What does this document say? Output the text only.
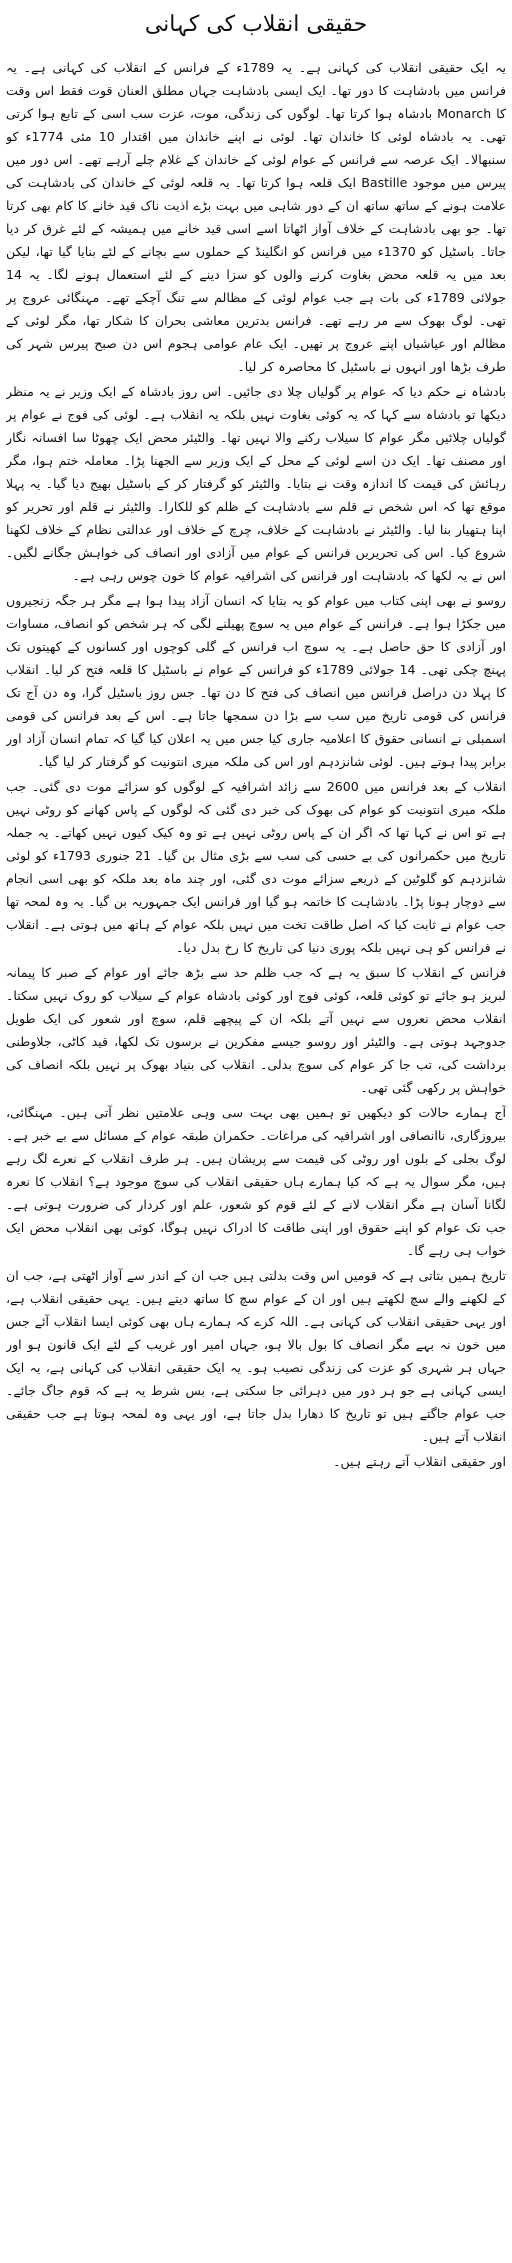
حقیقی انقلاب کی کہانی

یہ ایک حقیقی انقلاب کی کہانی ہے۔ یہ 1789ء کے فرانس کے انقلاب کی کہانی ہے۔ یہ فرانس میں بادشاہت کا دور تھا۔ ایک ایسی بادشاہت جہاں مطلق العنان قوت فقط اس وقت کا Monarch بادشاہ ہوا کرتا تھا۔ لوگوں کی زندگی، موت، عزت سب اسی کے تابع ہوا کرتی تھی۔ یہ بادشاہ لوئی کا خاندان تھا۔ لوئی نے اپنے خاندان میں اقتدار 10 مئی 1774ء کو سنبھالا۔ ایک عرصہ سے فرانس کے عوام لوئی کے خاندان کے غلام چلے آرہے تھے۔ اس دور میں پیرس میں موجود Bastille ایک قلعہ ہوا کرتا تھا۔ یہ قلعہ لوئی کے خاندان کی بادشاہت کی علامت ہونے کے ساتھ ساتھ ان کے دور شاہی میں بہت بڑے اذیت ناک قید خانے کا کام بھی کرتا تھا۔ جو بھی بادشاہت کے خلاف آواز اٹھاتا اسے اسی قید خانے میں ہمیشہ کے لئے غرق کر دیا جاتا۔ باسٹیل کو 1370ء میں فرانس کو انگلینڈ کے حملوں سے بچانے کے لئے بنایا گیا تھا، لیکن بعد میں یہ قلعہ محض بغاوت کرنے والوں کو سزا دینے کے لئے استعمال ہونے لگا۔ یہ 14 جولائی 1789ء کی بات ہے جب عوام لوئی کے مظالم سے تنگ آچکے تھے۔ مہنگائی عروج پر تھی۔ لوگ بھوک سے مر رہے تھے۔ فرانس بدترین معاشی بحران کا شکار تھا، مگر لوئی کے مظالم اور عیاشیاں اپنے عروج پر تھیں۔ ایک عام عوامی ہجوم اس دن صبح پیرس شہر کی طرف بڑھا اور انہوں نے باسٹیل کا محاصرہ کر لیا۔

بادشاہ نے حکم دیا کہ عوام پر گولیاں چلا دی جائیں۔ اس روز بادشاہ کے ایک وزیر نے یہ منظر دیکھا تو بادشاہ سے کہا کہ یہ کوئی بغاوت نہیں بلکہ یہ انقلاب ہے۔ لوئی کی فوج نے عوام پر گولیاں چلائیں مگر عوام کا سیلاب رکنے والا نہیں تھا۔ والٹیئر محض ایک چھوٹا سا افسانہ نگار اور مصنف تھا۔ ایک دن اسے لوئی کے محل کے ایک وزیر سے الجھنا پڑا۔ معاملہ ختم ہوا، مگر رہائش کی قیمت کا اندازہ وقت نے بتایا۔ والٹیئر کو گرفتار کر کے باسٹیل بھیج دیا گیا۔ یہ پہلا موقع تھا کہ اس شخص نے قلم سے بادشاہت کے ظلم کو للکارا۔ والٹیئر نے قلم اور تحریر کو اپنا ہتھیار بنا لیا۔ والٹیئر نے بادشاہت کے خلاف، چرچ کے خلاف اور عدالتی نظام کے خلاف لکھنا شروع کیا۔ اس کی تحریریں فرانس کے عوام میں آزادی اور انصاف کی خواہش جگانے لگیں۔ اس نے یہ لکھا کہ بادشاہت اور فرانس کی اشرافیہ عوام کا خون چوس رہی ہے۔

روسو نے بھی اپنی کتاب میں عوام کو یہ بتایا کہ انسان آزاد پیدا ہوا ہے مگر ہر جگہ زنجیروں میں جکڑا ہوا ہے۔ فرانس کے عوام میں یہ سوچ پھیلنے لگی کہ ہر شخص کو انصاف، مساوات اور آزادی کا حق حاصل ہے۔ یہ سوچ اب فرانس کے گلی کوچوں اور کسانوں کے کھیتوں تک پہنچ چکی تھی۔ 14 جولائی 1789ء کو فرانس کے عوام نے باسٹیل کا قلعہ فتح کر لیا۔ انقلاب کا پہلا دن دراصل فرانس میں انصاف کی فتح کا دن تھا۔ جس روز باسٹیل گرا، وہ دن آج تک فرانس کی قومی تاریخ میں سب سے بڑا دن سمجھا جاتا ہے۔ اس کے بعد فرانس کی قومی اسمبلی نے انسانی حقوق کا اعلامیہ جاری کیا جس میں یہ اعلان کیا گیا کہ تمام انسان آزاد اور برابر پیدا ہوتے ہیں۔ لوئی شانزدہم اور اس کی ملکہ میری انتونیت کو گرفتار کر لیا گیا۔

انقلاب کے بعد فرانس میں 2600 سے زائد اشرافیہ کے لوگوں کو سزائے موت دی گئی۔ جب ملکہ میری انتونیت کو عوام کی بھوک کی خبر دی گئی کہ لوگوں کے پاس کھانے کو روٹی نہیں ہے تو اس نے کہا تھا کہ اگر ان کے پاس روٹی نہیں ہے تو وہ کیک کیوں نہیں کھاتے۔ یہ جملہ تاریخ میں حکمرانوں کی بے حسی کی سب سے بڑی مثال بن گیا۔ 21 جنوری 1793ء کو لوئی شانزدہم کو گلوٹین کے ذریعے سزائے موت دی گئی، اور چند ماہ بعد ملکہ کو بھی اسی انجام سے دوچار ہونا پڑا۔ بادشاہت کا خاتمہ ہو گیا اور فرانس ایک جمہوریہ بن گیا۔ یہ وہ لمحہ تھا جب عوام نے ثابت کیا کہ اصل طاقت تخت میں نہیں بلکہ عوام کے ہاتھ میں ہوتی ہے۔ انقلاب نے فرانس کو ہی نہیں بلکہ پوری دنیا کی تاریخ کا رخ بدل دیا۔

فرانس کے انقلاب کا سبق یہ ہے کہ جب ظلم حد سے بڑھ جائے اور عوام کے صبر کا پیمانہ لبریز ہو جائے تو کوئی قلعہ، کوئی فوج اور کوئی بادشاہ عوام کے سیلاب کو روک نہیں سکتا۔ انقلاب محض نعروں سے نہیں آتے بلکہ ان کے پیچھے قلم، سوچ اور شعور کی ایک طویل جدوجہد ہوتی ہے۔ والٹیئر اور روسو جیسے مفکرین نے برسوں تک لکھا، قید کاٹی، جلاوطنی برداشت کی، تب جا کر عوام کی سوچ بدلی۔ انقلاب کی بنیاد بھوک پر نہیں بلکہ انصاف کی خواہش پر رکھی گئی تھی۔

آج ہمارے حالات کو دیکھیں تو ہمیں بھی بہت سی وہی علامتیں نظر آتی ہیں۔ مہنگائی، بیروزگاری، ناانصافی اور اشرافیہ کی مراعات۔ حکمران طبقہ عوام کے مسائل سے بے خبر ہے۔ لوگ بجلی کے بلوں اور روٹی کی قیمت سے پریشان ہیں۔ ہر طرف انقلاب کے نعرے لگ رہے ہیں، مگر سوال یہ ہے کہ کیا ہمارے ہاں حقیقی انقلاب کی سوچ موجود ہے؟ انقلاب کا نعرہ لگانا آسان ہے مگر انقلاب لانے کے لئے قوم کو شعور، علم اور کردار کی ضرورت ہوتی ہے۔ جب تک عوام کو اپنے حقوق اور اپنی طاقت کا ادراک نہیں ہوگا، کوئی بھی انقلاب محض ایک خواب ہی رہے گا۔

تاریخ ہمیں بتاتی ہے کہ قومیں اس وقت بدلتی ہیں جب ان کے اندر سے آواز اٹھتی ہے، جب ان کے لکھنے والے سچ لکھتے ہیں اور ان کے عوام سچ کا ساتھ دیتے ہیں۔ یہی حقیقی انقلاب ہے، اور یہی حقیقی انقلاب کی کہانی ہے۔ اللہ کرے کہ ہمارے ہاں بھی کوئی ایسا انقلاب آئے جس میں خون نہ بہے مگر انصاف کا بول بالا ہو، جہاں امیر اور غریب کے لئے ایک قانون ہو اور جہاں ہر شہری کو عزت کی زندگی نصیب ہو۔ یہ ایک حقیقی انقلاب کی کہانی ہے، یہ ایک ایسی کہانی ہے جو ہر دور میں دہرائی جا سکتی ہے، بس شرط یہ ہے کہ قوم جاگ جائے۔ جب عوام جاگتے ہیں تو تاریخ کا دھارا بدل جاتا ہے، اور یہی وہ لمحہ ہوتا ہے جب حقیقی انقلاب آتے ہیں۔

اور حقیقی انقلاب آتے رہتے ہیں۔
